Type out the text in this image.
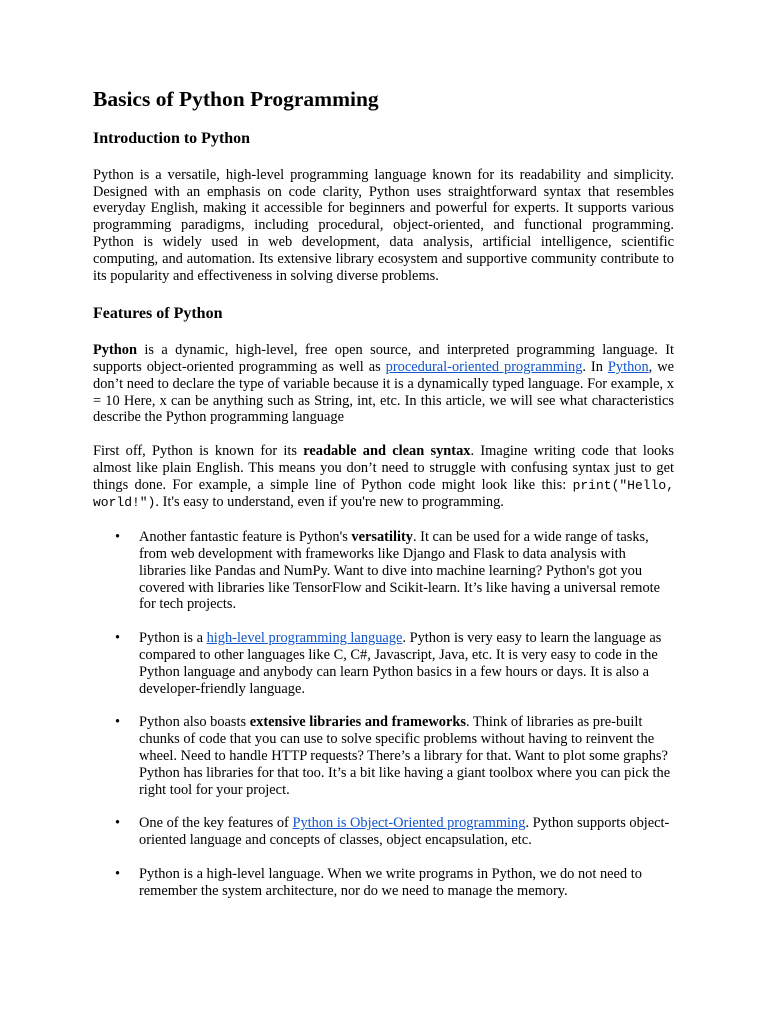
Basics of Python Programming
Introduction to Python

Python is a versatile, high-level programming language known for its readability and simplicity. Designed with an emphasis on code clarity, Python uses straightforward syntax that resembles everyday English, making it accessible for beginners and powerful for experts. It supports various programming paradigms, including procedural, object-oriented, and functional programming. Python is widely used in web development, data analysis, artificial intelligence, scientific computing, and automation. Its extensive library ecosystem and supportive community contribute to its popularity and effectiveness in solving diverse problems.

Features of Python

Python is a dynamic, high-level, free open source, and interpreted programming language. It supports object-oriented programming as well as procedural-oriented programming. In Python, we don’t need to declare the type of variable because it is a dynamically typed language. For example, x = 10 Here, x can be anything such as String, int, etc. In this article, we will see what characteristics describe the Python programming language

First off, Python is known for its readable and clean syntax. Imagine writing code that looks almost like plain English. This means you don’t need to struggle with confusing syntax just to get things done. For example, a simple line of Python code might look like this: print("Hello, world!"). It's easy to understand, even if you're new to programming.

• Another fantastic feature is Python's versatility. It can be used for a wide range of tasks, from web development with frameworks like Django and Flask to data analysis with libraries like Pandas and NumPy. Want to dive into machine learning? Python's got you covered with libraries like TensorFlow and Scikit-learn. It’s like having a universal remote for tech projects.
• Python is a high-level programming language. Python is very easy to learn the language as compared to other languages like C, C#, Javascript, Java, etc. It is very easy to code in the Python language and anybody can learn Python basics in a few hours or days. It is also a developer-friendly language.
• Python also boasts extensive libraries and frameworks. Think of libraries as pre-built chunks of code that you can use to solve specific problems without having to reinvent the wheel. Need to handle HTTP requests? There’s a library for that. Want to plot some graphs? Python has libraries for that too. It’s a bit like having a giant toolbox where you can pick the right tool for your project.
• One of the key features of Python is Object-Oriented programming. Python supports object-oriented language and concepts of classes, object encapsulation, etc.
• Python is a high-level language. When we write programs in Python, we do not need to remember the system architecture, nor do we need to manage the memory.
